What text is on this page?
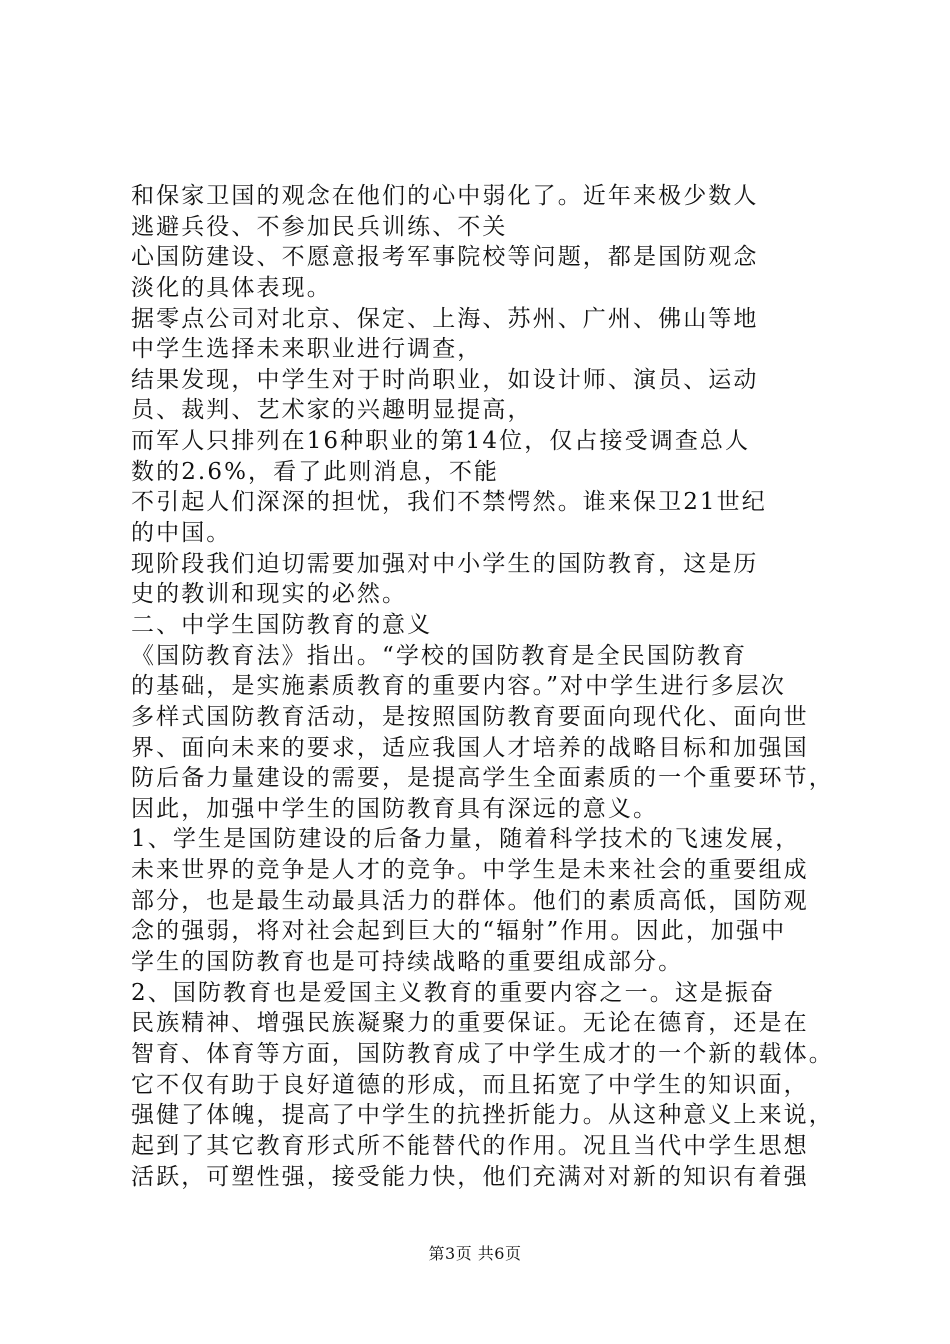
和保家卫国的观念在他们的心中弱化了。近年来极少数人
逃避兵役、不参加民兵训练、不关
心国防建设、不愿意报考军事院校等问题，都是国防观念
淡化的具体表现。
据零点公司对北京、保定、上海、苏州、广州、佛山等地
中学生选择未来职业进行调查，
结果发现，中学生对于时尚职业，如设计师、演员、运动
员、裁判、艺术家的兴趣明显提高，
而军人只排列在16种职业的第14位，仅占接受调查总人
数的2.6%，看了此则消息，不能
不引起人们深深的担忧，我们不禁愕然。谁来保卫21世纪
的中国。
现阶段我们迫切需要加强对中小学生的国防教育，这是历
史的教训和现实的必然。
二、中学生国防教育的意义
《国防教育法》指出。“学校的国防教育是全民国防教育
的基础，是实施素质教育的重要内容。”对中学生进行多层次
多样式国防教育活动，是按照国防教育要面向现代化、面向世
界、面向未来的要求，适应我国人才培养的战略目标和加强国
防后备力量建设的需要，是提高学生全面素质的一个重要环节，
因此，加强中学生的国防教育具有深远的意义。
1、学生是国防建设的后备力量，随着科学技术的飞速发展，
未来世界的竞争是人才的竞争。中学生是未来社会的重要组成
部分，也是最生动最具活力的群体。他们的素质高低，国防观
念的强弱，将对社会起到巨大的“辐射”作用。因此，加强中
学生的国防教育也是可持续战略的重要组成部分。
2、国防教育也是爱国主义教育的重要内容之一。这是振奋
民族精神、增强民族凝聚力的重要保证。无论在德育，还是在
智育、体育等方面，国防教育成了中学生成才的一个新的载体。
它不仅有助于良好道德的形成，而且拓宽了中学生的知识面，
强健了体魄，提高了中学生的抗挫折能力。从这种意义上来说，
起到了其它教育形式所不能替代的作用。况且当代中学生思想
活跃，可塑性强，接受能力快，他们充满对对新的知识有着强
第3页 共6页
